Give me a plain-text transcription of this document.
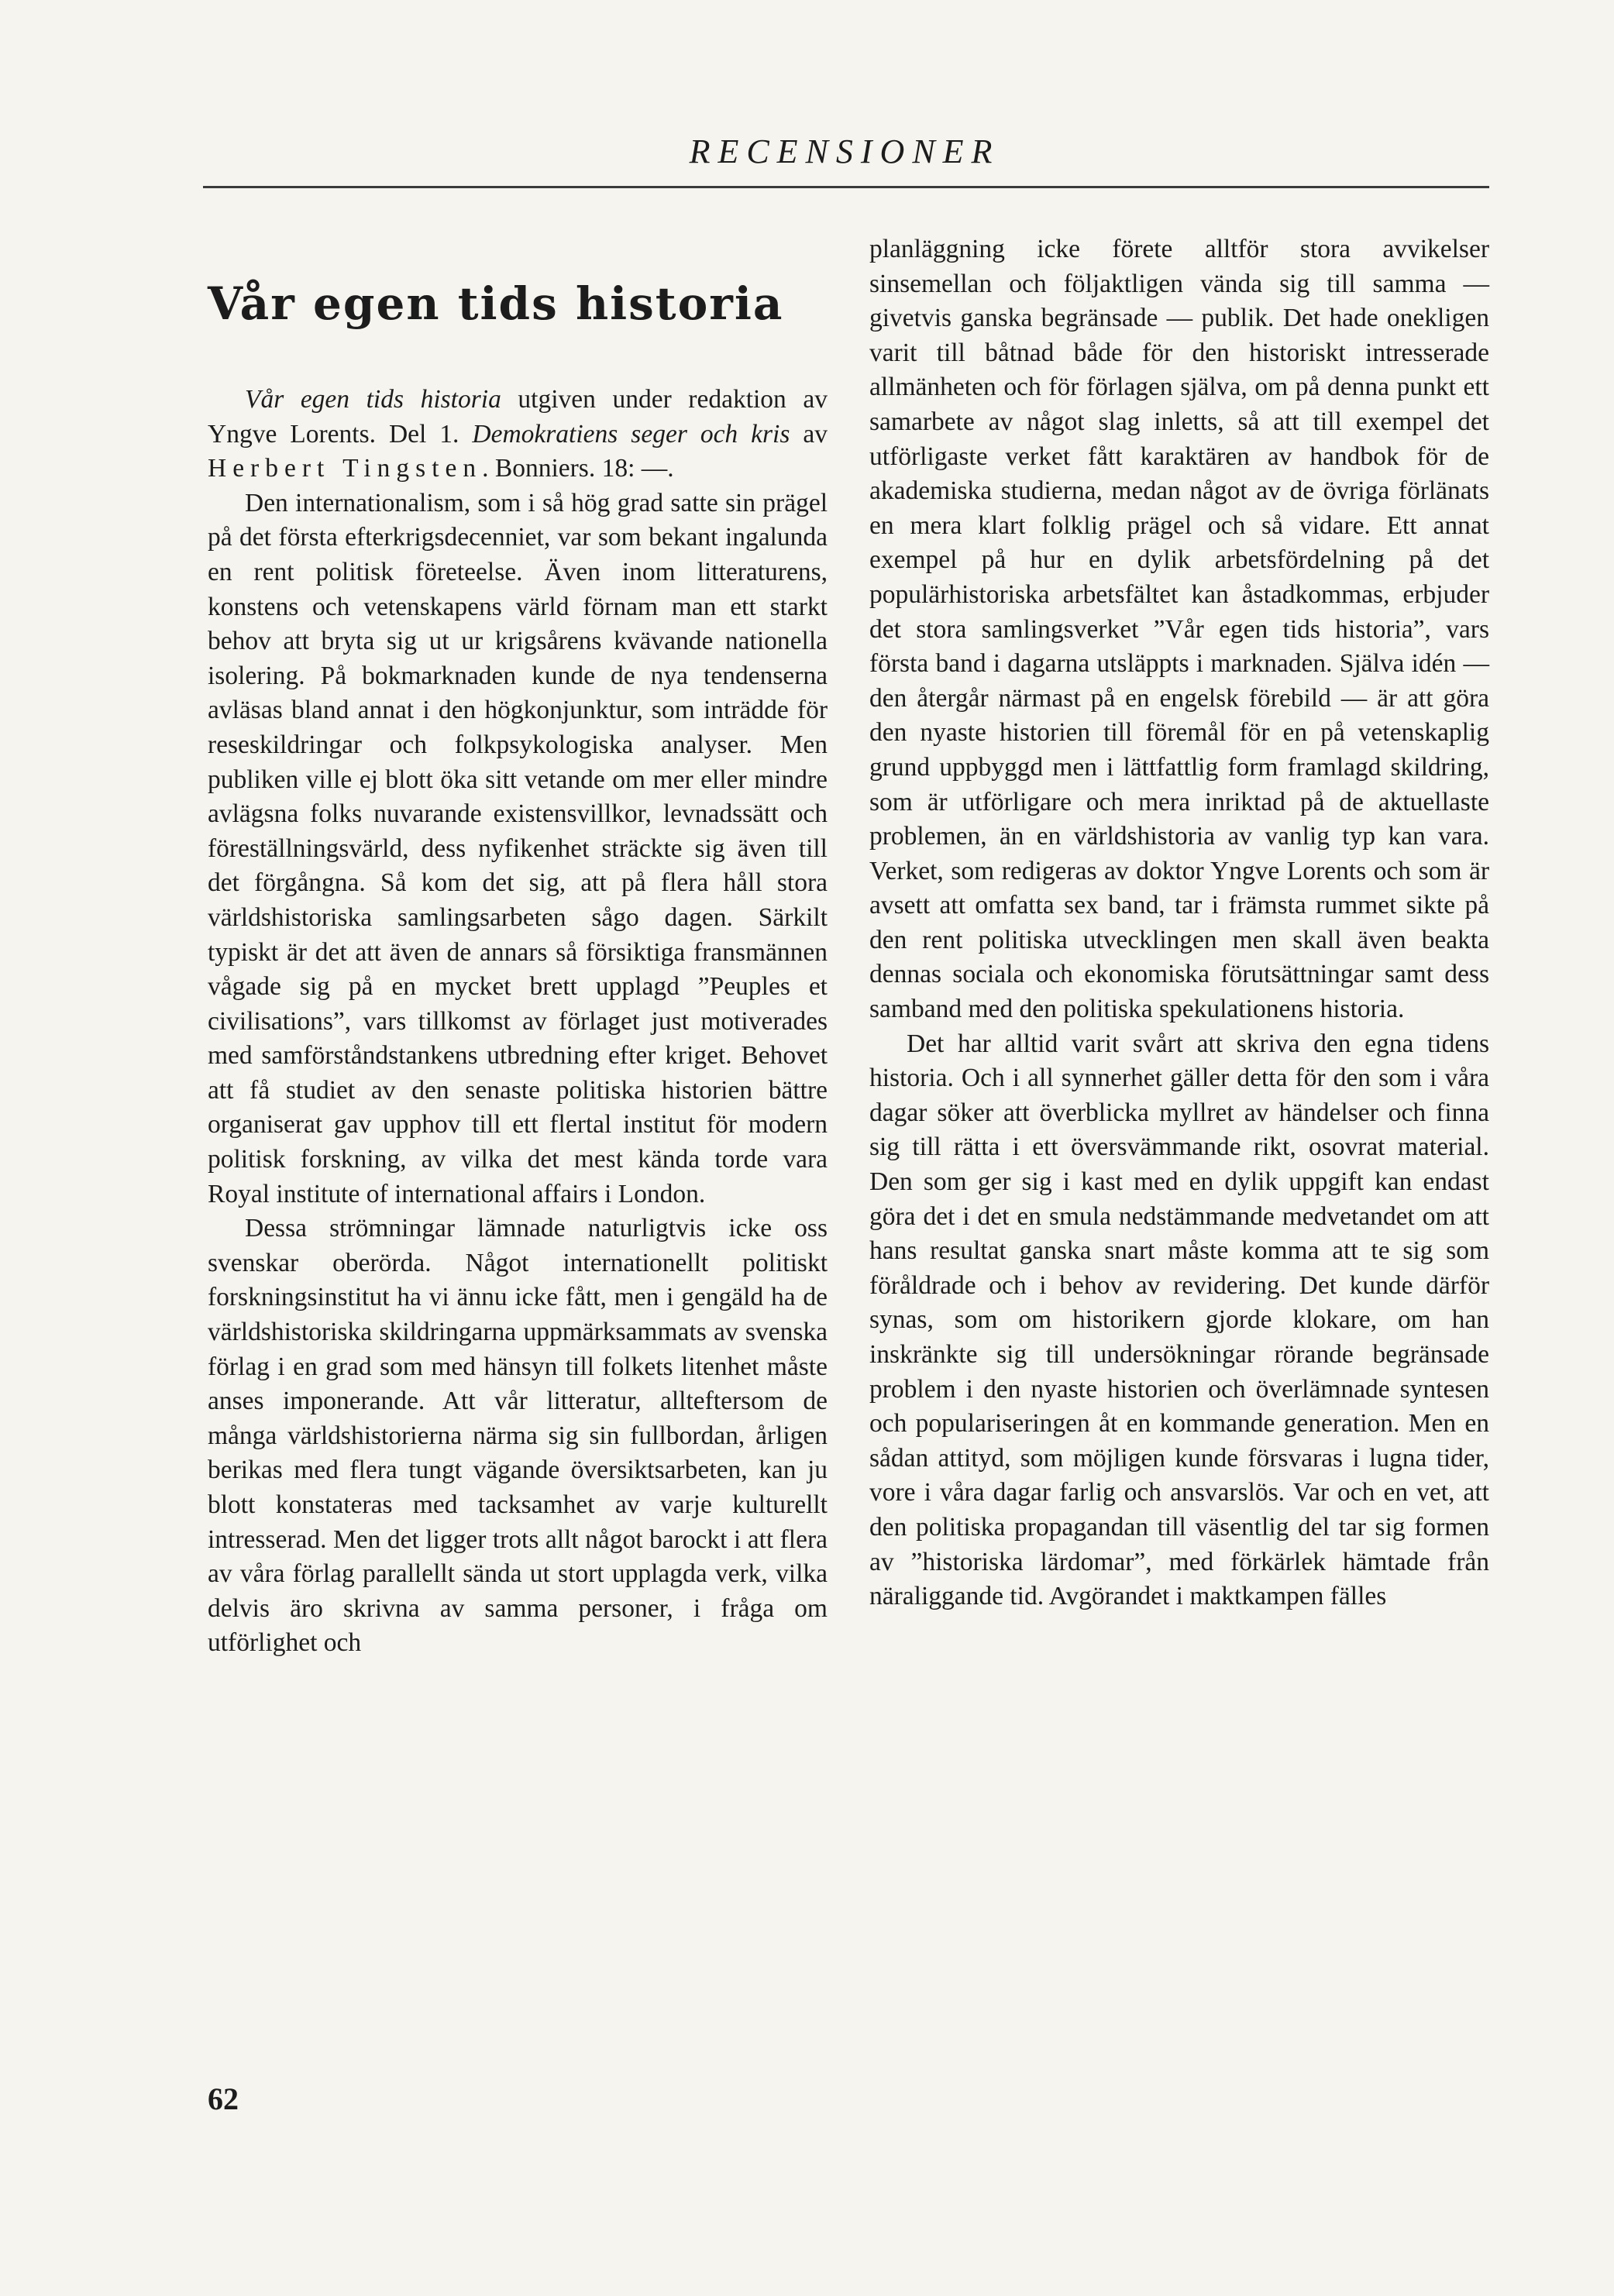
RECENSIONER
Vår egen tids historia

Vår egen tids historia utgiven under redaktion av Yngve Lorents. Del 1. Demokratiens seger och kris av Herbert Tingsten. Bonniers. 18: —.

Den internationalism, som i så hög grad satte sin prägel på det första efterkrigsdecenniet, var som bekant ingalunda en rent politisk företeelse. Även inom litteraturens, konstens och vetenskapens värld förnam man ett starkt behov att bryta sig ut ur krigsårens kvävande nationella isolering. På bokmarknaden kunde de nya tendenserna avläsas bland annat i den högkonjunktur, som inträdde för reseskildringar och folkpsykologiska analyser. Men publiken ville ej blott öka sitt vetande om mer eller mindre avlägsna folks nuvarande existensvillkor, levnadssätt och föreställningsvärld, dess nyfikenhet sträckte sig även till det förgångna. Så kom det sig, att på flera håll stora världshistoriska samlingsarbeten sågo dagen. Särkilt typiskt är det att även de annars så försiktiga fransmännen vågade sig på en mycket brett upplagd ”Peuples et civilisations”, vars tillkomst av förlaget just motiverades med samförståndstankens utbredning efter kriget. Behovet att få studiet av den senaste politiska historien bättre organiserat gav upphov till ett flertal institut för modern politisk forskning, av vilka det mest kända torde vara Royal institute of international affairs i London.

Dessa strömningar lämnade naturligtvis icke oss svenskar oberörda. Något internationellt politiskt forskningsinstitut ha vi ännu icke fått, men i gengäld ha de världshistoriska skildringarna uppmärksammats av svenska förlag i en grad som med hänsyn till folkets litenhet måste anses imponerande. Att vår litteratur, allteftersom de många världshistorierna närma sig sin fullbordan, årligen berikas med flera tungt vägande översiktsarbeten, kan ju blott konstateras med tacksamhet av varje kulturellt intresserad. Men det ligger trots allt något barockt i att flera av våra förlag parallellt sända ut stort upplagda verk, vilka delvis äro skrivna av samma personer, i fråga om utförlighet och

planläggning icke förete alltför stora avvikelser sinsemellan och följaktligen vända sig till samma — givetvis ganska begränsade — publik. Det hade onekligen varit till båtnad både för den historiskt intresserade allmänheten och för förlagen själva, om på denna punkt ett samarbete av något slag inletts, så att till exempel det utförligaste verket fått karaktären av handbok för de akademiska studierna, medan något av de övriga förlänats en mera klart folklig prägel och så vidare. Ett annat exempel på hur en dylik arbetsfördelning på det populärhistoriska arbetsfältet kan åstadkommas, erbjuder det stora samlingsverket ”Vår egen tids historia”, vars första band i dagarna utsläppts i marknaden. Själva idén — den återgår närmast på en engelsk förebild — är att göra den nyaste historien till föremål för en på vetenskaplig grund uppbyggd men i lättfattlig form framlagd skildring, som är utförligare och mera inriktad på de aktuellaste problemen, än en världshistoria av vanlig typ kan vara. Verket, som redigeras av doktor Yngve Lorents och som är avsett att omfatta sex band, tar i främsta rummet sikte på den rent politiska utvecklingen men skall även beakta dennas sociala och ekonomiska förutsättningar samt dess samband med den politiska spekulationens historia.

Det har alltid varit svårt att skriva den egna tidens historia. Och i all synnerhet gäller detta för den som i våra dagar söker att överblicka myllret av händelser och finna sig till rätta i ett översvämmande rikt, osovrat material. Den som ger sig i kast med en dylik uppgift kan endast göra det i det en smula nedstämmande medvetandet om att hans resultat ganska snart måste komma att te sig som föråldrade och i behov av revidering. Det kunde därför synas, som om historikern gjorde klokare, om han inskränkte sig till undersökningar rörande begränsade problem i den nyaste historien och överlämnade syntesen och populariseringen åt en kommande generation. Men en sådan attityd, som möjligen kunde försvaras i lugna tider, vore i våra dagar farlig och ansvarslös. Var och en vet, att den politiska propagandan till väsentlig del tar sig formen av ”historiska lärdomar”, med förkärlek hämtade från näraliggande tid. Avgörandet i maktkampen fälles

62
